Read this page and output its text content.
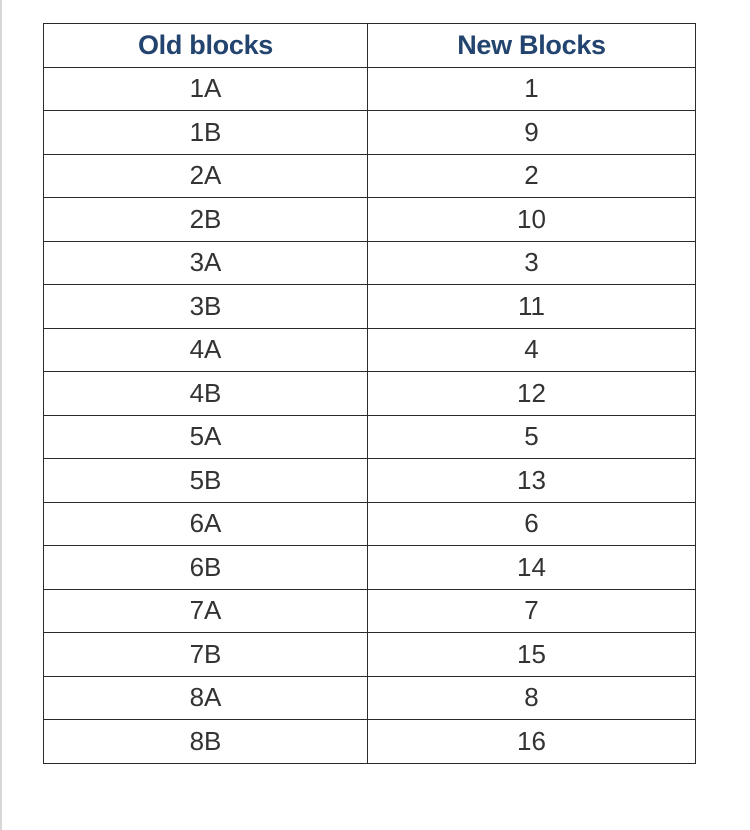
Old blocks	New Blocks
1A	1
1B	9
2A	2
2B	10
3A	3
3B	11
4A	4
4B	12
5A	5
5B	13
6A	6
6B	14
7A	7
7B	15
8A	8
8B	16
